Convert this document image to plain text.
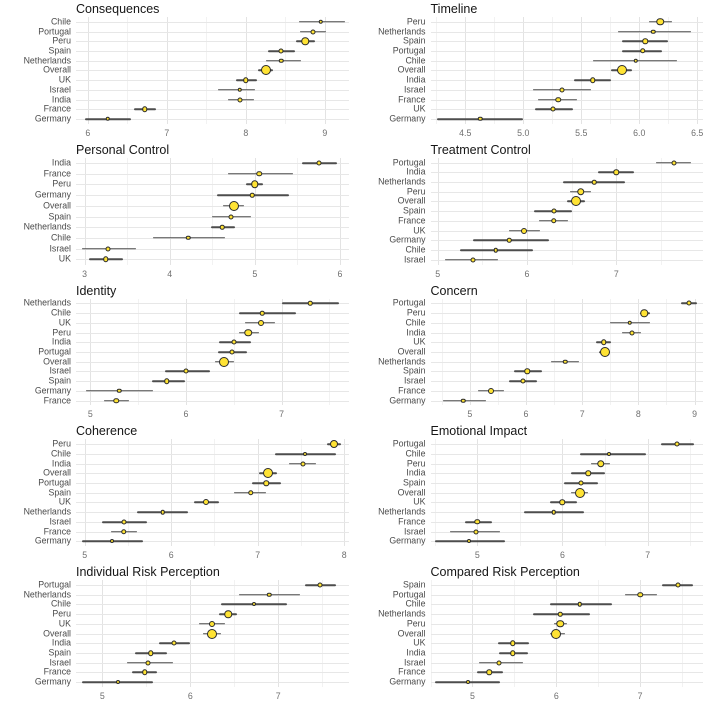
Consequences
Chile
Portugal
Peru
Spain
Netherlands
Overall
UK
Israel
India
France
Germany
6	7	8	9
Timeline
Peru
Netherlands
Spain
Portugal
Chile
Overall
India
Israel
France
UK
Germany
4.5	5.0	5.5	6.0	6.5
Personal Control
India
France
Peru
Germany
Overall
Spain
Netherlands
Chile
Israel
UK
3	4	5	6
Treatment Control
Portugal
India
Netherlands
Peru
Overall
Spain
France
UK
Germany
Chile
Israel
5	6	7
Identity
Netherlands
Chile
UK
Peru
India
Portugal
Overall
Israel
Spain
Germany
France
5	6	7
Concern
Portugal
Peru
Chile
India
UK
Overall
Netherlands
Spain
Israel
France
Germany
5	6	7	8	9
Coherence
Peru
Chile
India
Overall
Portugal
Spain
UK
Netherlands
Israel
France
Germany
5	6	7	8
Emotional Impact
Portugal
Chile
Peru
India
Spain
Overall
UK
Netherlands
France
Israel
Germany
5	6	7
Individual Risk Perception
Portugal
Netherlands
Chile
Peru
UK
Overall
India
Spain
Israel
France
Germany
5	6	7
Compared Risk Perception
Spain
Portugal
Chile
Netherlands
Peru
Overall
UK
India
Israel
France
Germany
5	6	7
